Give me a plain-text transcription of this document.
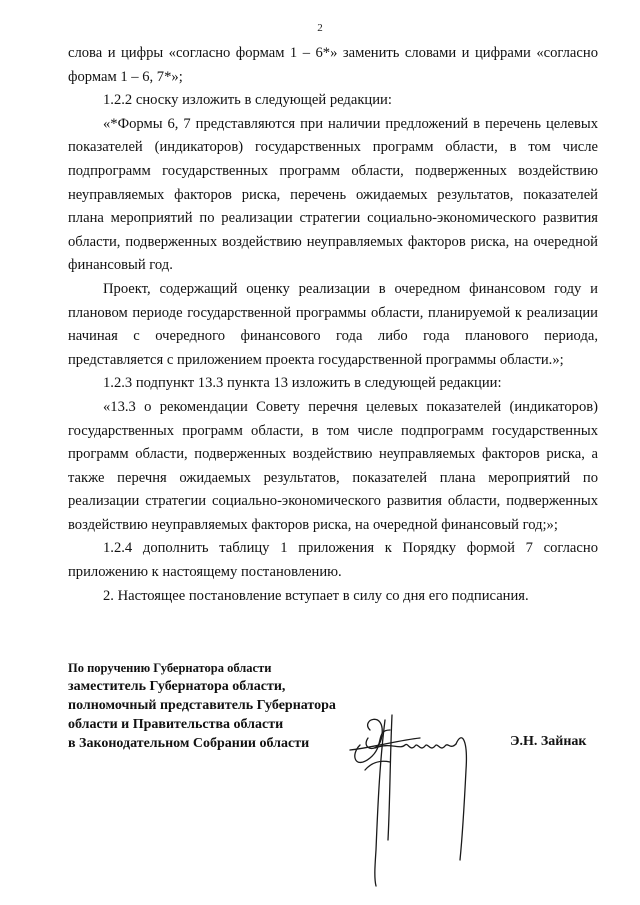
2

слова и цифры «согласно формам 1 – 6*» заменить словами и цифрами «согласно формам 1 – 6, 7*»;

1.2.2 сноску изложить в следующей редакции:

«*Формы 6, 7 представляются при наличии предложений в перечень целевых показателей (индикаторов) государственных программ области, в том числе подпрограмм государственных программ области, подверженных воздействию неуправляемых факторов риска, перечень ожидаемых результатов, показателей плана мероприятий по реализации стратегии социально-экономического развития области, подверженных воздействию неуправляемых факторов риска, на очередной финансовый год.

Проект, содержащий оценку реализации в очередном финансовом году и плановом периоде государственной программы области, планируемой к реализации начиная с очередного финансового года либо года планового периода, представляется с приложением проекта государственной программы области.»;

1.2.3 подпункт 13.3 пункта 13 изложить в следующей редакции:

«13.3 о рекомендации Совету перечня целевых показателей (индикаторов) государственных программ области, в том числе подпрограмм государственных программ области, подверженных воздействию неуправляемых факторов риска, а также перечня ожидаемых результатов, показателей плана мероприятий по реализации стратегии социально-экономического развития области, подверженных воздействию неуправляемых факторов риска, на очередной финансовый год;»;

1.2.4 дополнить таблицу 1 приложения к Порядку формой 7 согласно приложению к настоящему постановлению.

2. Настоящее постановление вступает в силу со дня его подписания.

По поручению Губернатора области
заместитель Губернатора области,
полномочный представитель Губернатора
области и Правительства области
в Законодательном Собрании области	Э.Н. Зайнак
